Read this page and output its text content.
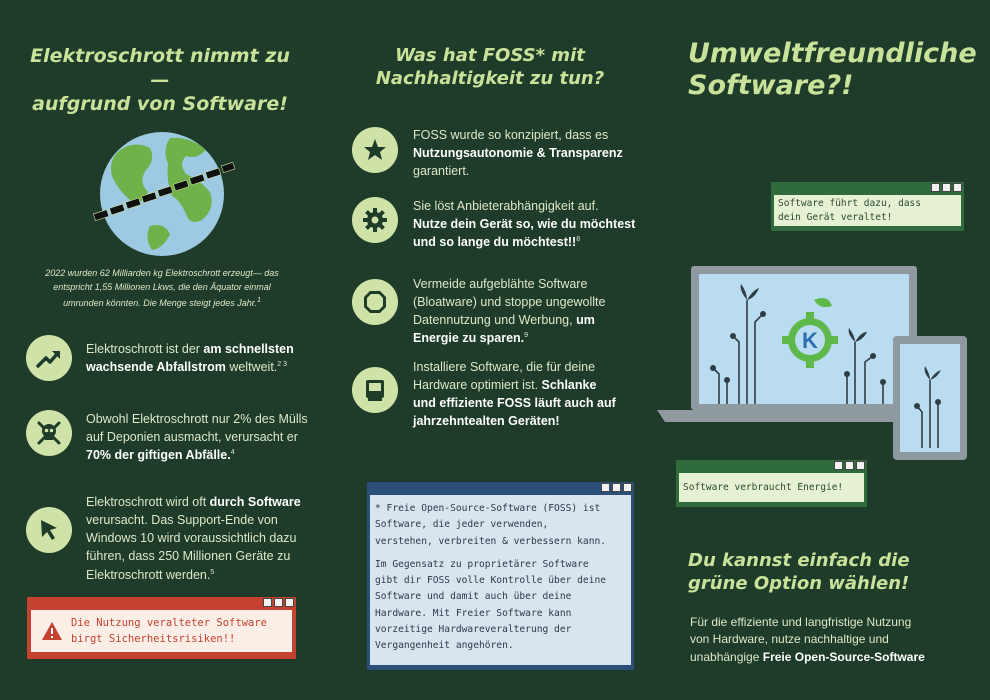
Elektroschrott nimmt zu —
aufgrund von Software!
2022 wurden 62 Milliarden kg Elektroschrott erzeugt— das
entspricht 1,55 Millionen Lkws, die den Äquator einmal
umrunden könnten. Die Menge steigt jedes Jahr.$^1$
Elektroschrott ist der am schnellsten
wachsende Abfallstrom weltweit.$^{2 3}$
Obwohl Elektroschrott nur 2% des Mülls
auf Deponien ausmacht, verursacht er
70% der giftigen Abfälle.$^4$
Elektroschrott wird oft durch Software
verursacht. Das Support-Ende von
Windows 10 wird voraussichtlich dazu
führen, dass 250 Millionen Geräte zu
Elektroschrott werden.$^5$
Die Nutzung veralteter Software
birgt Sicherheitsrisiken!!
Was hat FOSS* mit
Nachhaltigkeit zu tun?
FOSS wurde so konzipiert, dass es
Nutzungsautonomie & Transparenz
garantiert.
Sie löst Anbieterabhängigkeit auf.
Nutze dein Gerät so, wie du möchtest
und so lange du möchtest!!$^8$
Vermeide aufgeblähte Software
(Bloatware) und stoppe ungewollte
Datennutzung und Werbung, um
Energie zu sparen.$^9$
Installiere Software, die für deine
Hardware optimiert ist. Schlanke
und effiziente FOSS läuft auch auf
jahrzehntealten Geräten!
* Freie Open-Source-Software (FOSS) ist
Software, die jeder verwenden,
verstehen, verbreiten & verbessern kann.
Im Gegensatz zu proprietärer Software
gibt dir FOSS volle Kontrolle über deine
Software und damit auch über deine
Hardware. Mit Freier Software kann
vorzeitige Hardwareveralterung der
Vergangenheit angehören.
Umweltfreundliche
Software?!
Software führt dazu, dass
dein Gerät veraltet!
K
Software verbraucht Energie!
Du kannst einfach die
grüne Option wählen!
Für die effiziente und langfristige Nutzung
von Hardware, nutze nachhaltige und
unabhängige Freie Open-Source-Software
